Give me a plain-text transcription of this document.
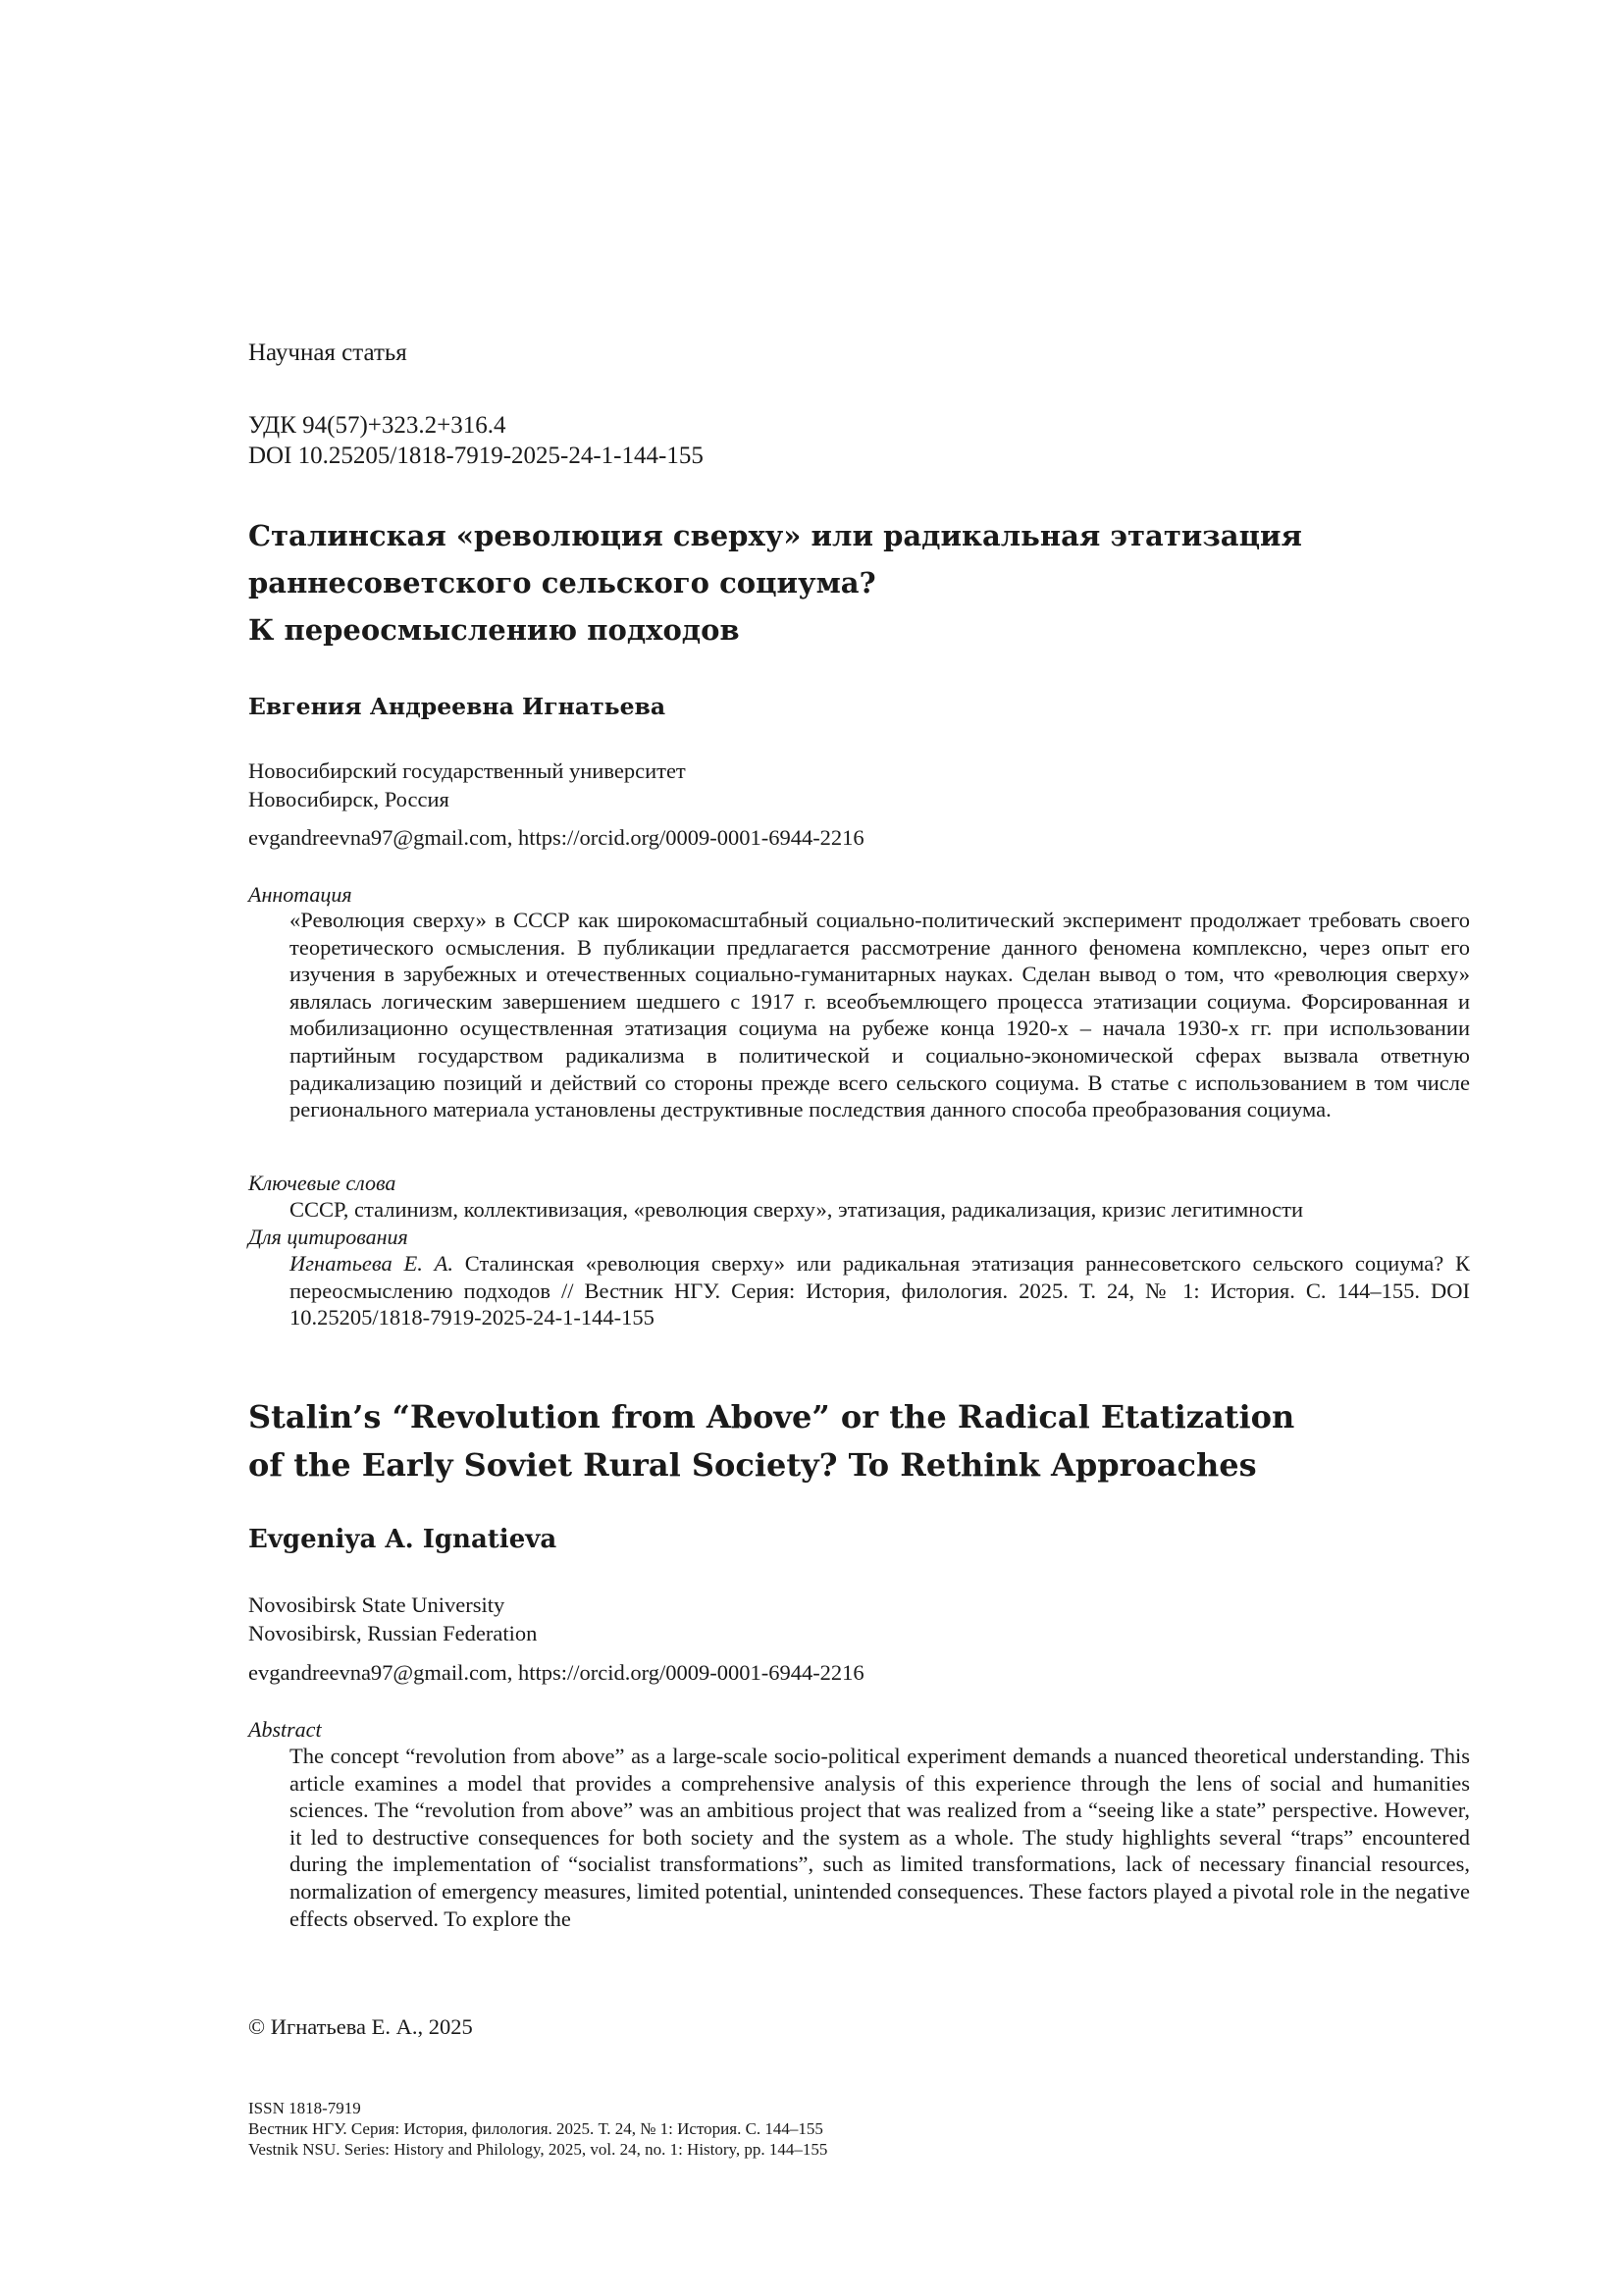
Научная статья
УДК 94(57)+323.2+316.4
DOI 10.25205/1818-7919-2025-24-1-144-155
Сталинская «революция сверху» или радикальная этатизация
раннесоветского сельского социума?
К переосмыслению подходов
Евгения Андреевна Игнатьева
Новосибирский государственный университет
Новосибирск, Россия
evgandreevna97@gmail.com, https://orcid.org/0009-0001-6944-2216
Аннотация
«Революция сверху» в СССР как широкомасштабный социально-политический эксперимент продолжает требовать своего теоретического осмысления. В публикации предлагается рассмотрение данного феномена комплексно, через опыт его изучения в зарубежных и отечественных социально-гуманитарных науках. Сделан вывод о том, что «революция сверху» являлась логическим завершением шедшего с 1917 г. всеобъемлющего процесса этатизации социума. Форсированная и мобилизационно осуществленная этатизация социума на рубеже конца 1920-х – начала 1930-х гг. при использовании партийным государством радикализма в политической и социально-экономической сферах вызвала ответную радикализацию позиций и действий со стороны прежде всего сельского социума. В статье с использованием в том числе регионального материала установлены деструктивные последствия данного способа преобразования социума.
Ключевые слова
СССР, сталинизм, коллективизация, «революция сверху», этатизация, радикализация, кризис легитимности
Для цитирования
Игнатьева Е. А. Сталинская «революция сверху» или радикальная этатизация раннесоветского сельского социума? К переосмыслению подходов // Вестник НГУ. Серия: История, филология. 2025. Т. 24, № 1: История. С. 144–155. DOI 10.25205/1818-7919-2025-24-1-144-155
Stalin’s “Revolution from Above” or the Radical Etatization
of the Early Soviet Rural Society? To Rethink Approaches
Evgeniya A. Ignatieva
Novosibirsk State University
Novosibirsk, Russian Federation
evgandreevna97@gmail.com, https://orcid.org/0009-0001-6944-2216
Abstract
The concept “revolution from above” as a large-scale socio-political experiment demands a nuanced theoretical understanding. This article examines a model that provides a comprehensive analysis of this experience through the lens of social and humanities sciences. The “revolution from above” was an ambitious project that was realized from a “seeing like a state” perspective. However, it led to destructive consequences for both society and the system as a whole. The study highlights several “traps” encountered during the implementation of “socialist transformations”, such as limited transformations, lack of necessary financial resources, normalization of emergency measures, limited potential, unintended consequences. These factors played a pivotal role in the negative effects observed. To explore the
© Игнатьева Е. А., 2025
ISSN 1818-7919
Вестник НГУ. Серия: История, филология. 2025. Т. 24, № 1: История. С. 144–155
Vestnik NSU. Series: History and Philology, 2025, vol. 24, no. 1: History, pp. 144–155
